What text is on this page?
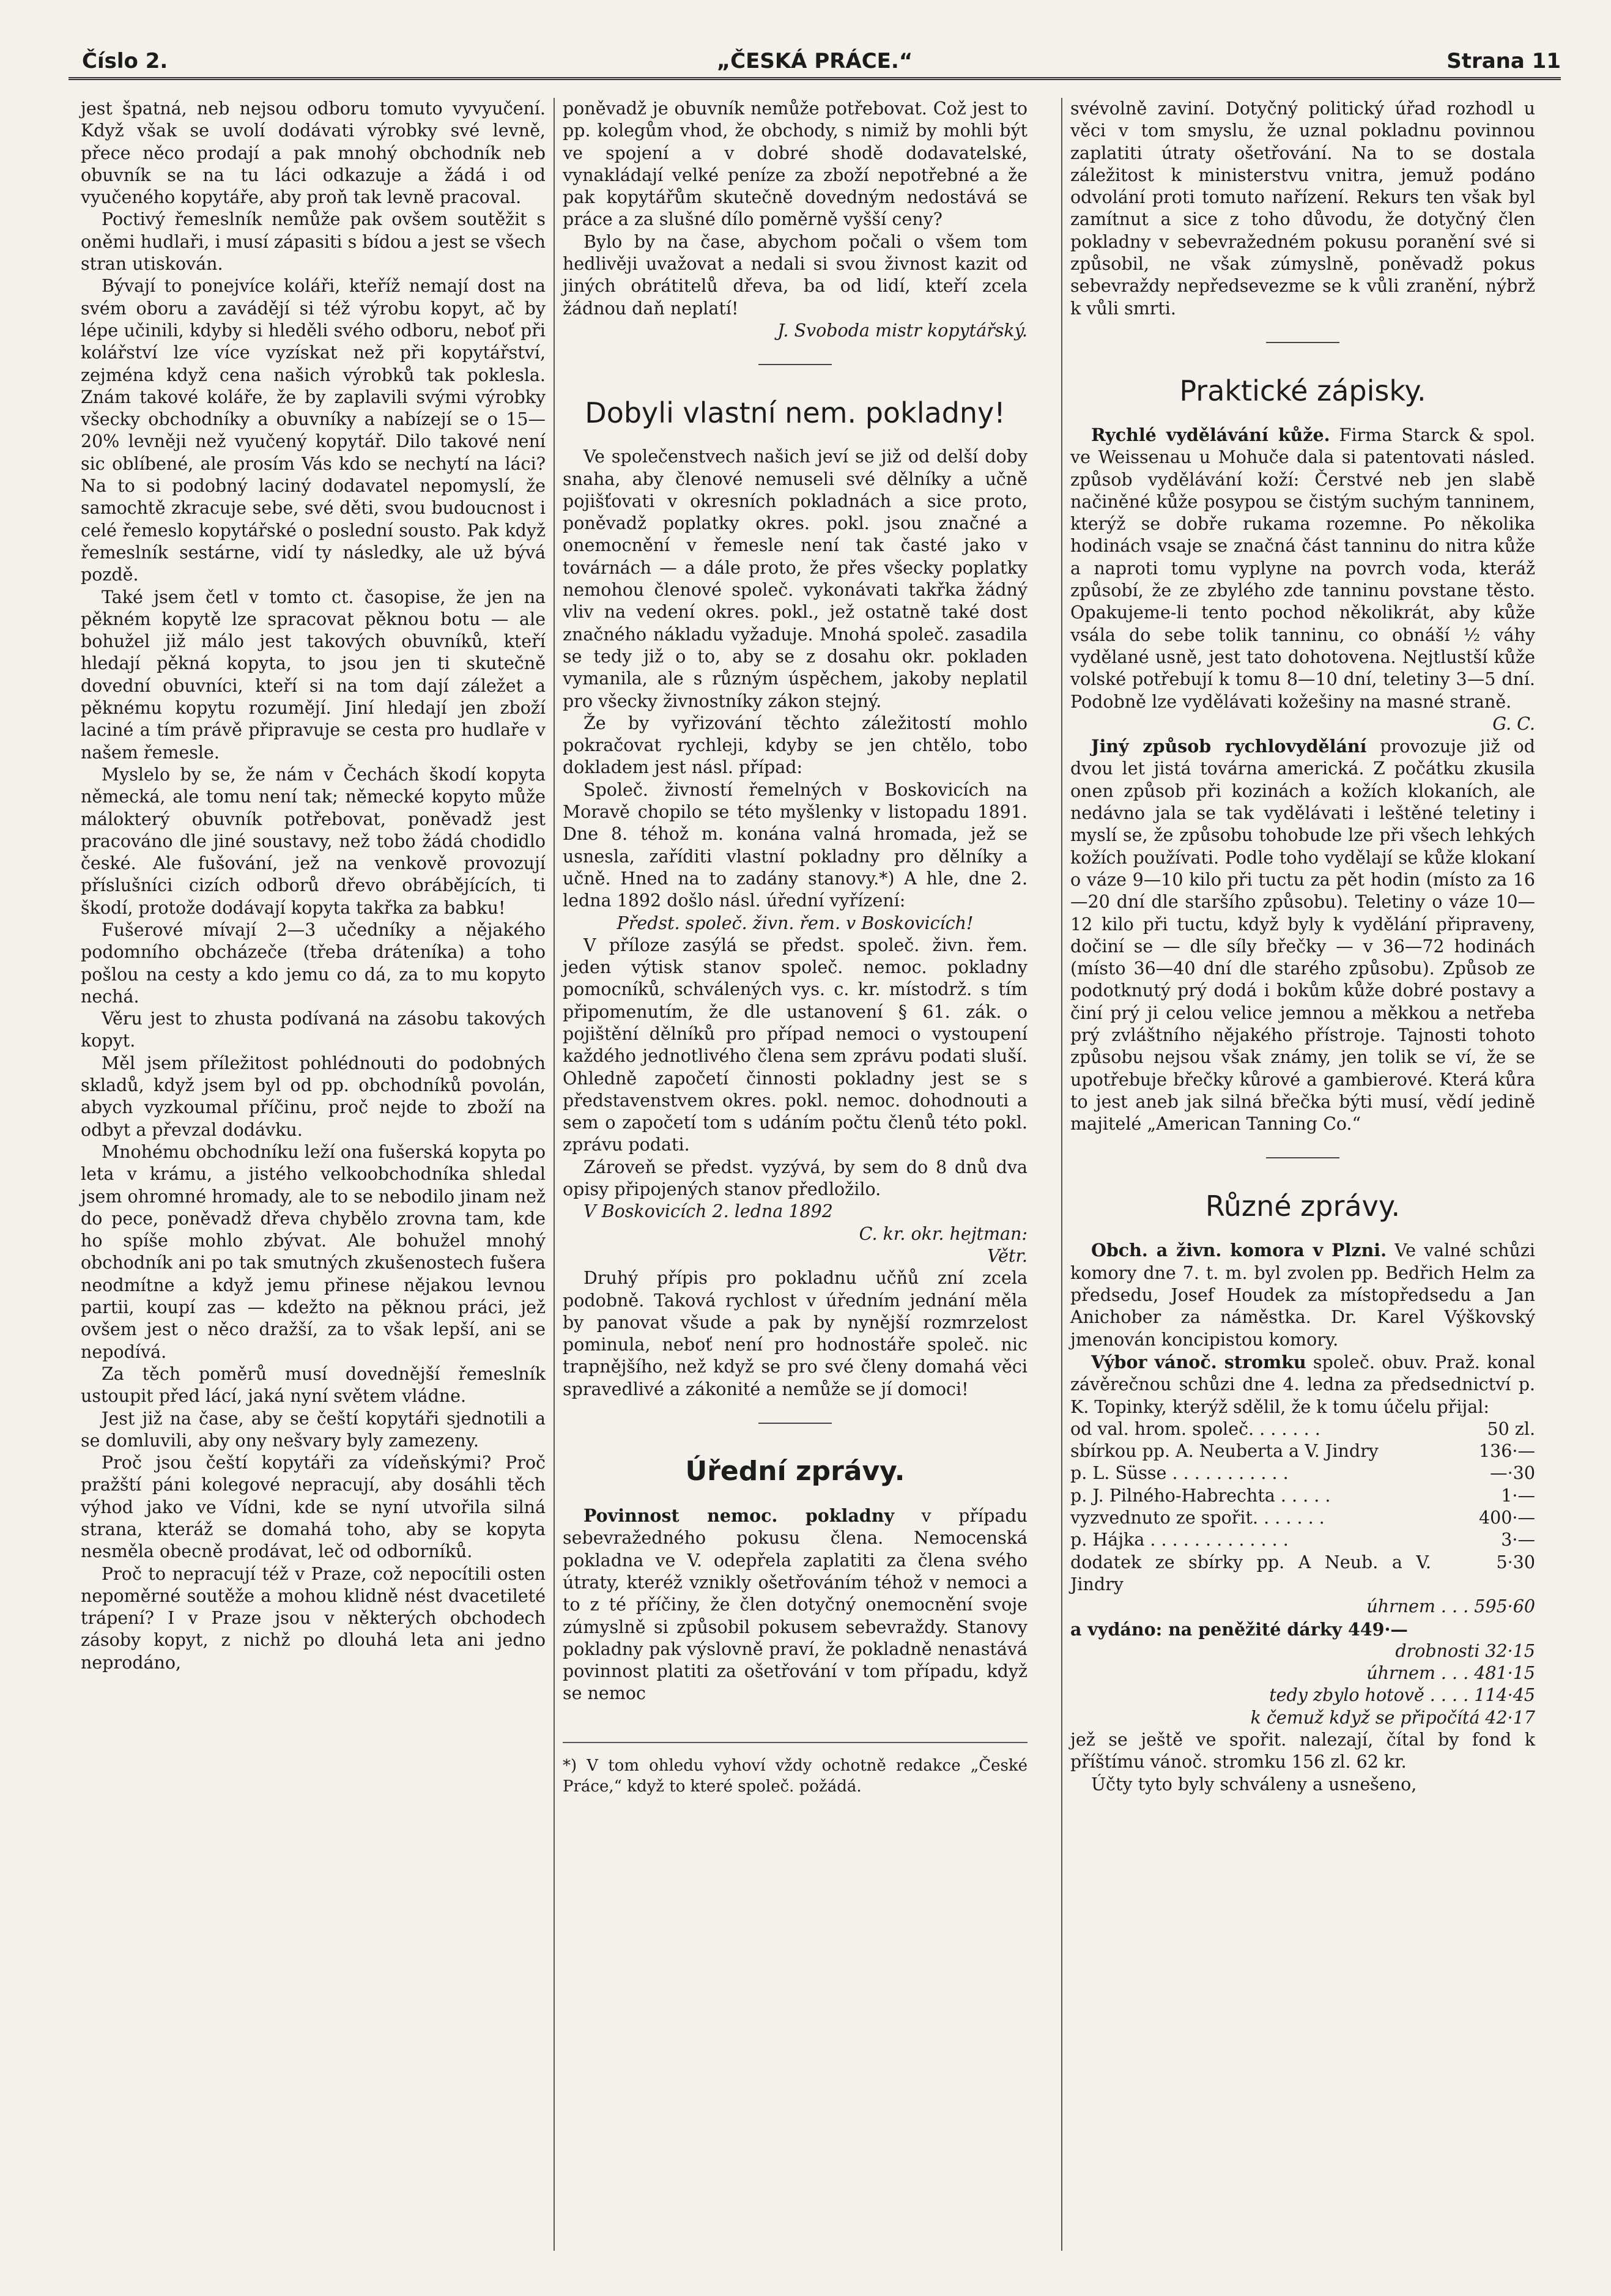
Číslo 2.	„ČESKÁ PRÁCE.“	Strana 11

jest špatná, neb nejsou odboru tomuto vyvyučení. Když však se uvolí dodávati výrobky své levně, přece něco prodají a pak mnohý obchodník neb obuvník se na tu láci odkazuje a žádá i od vyučeného kopytáře, aby proň tak levně pracoval.

Poctivý řemeslník nemůže pak ovšem soutěžit s oněmi hudlaři, i musí zápasiti s bídou a jest se všech stran utiskován.

Bývají to ponejvíce koláři, kteříž nemají dost na svém oboru a zavádějí si též výrobu kopyt, ač by lépe učinili, kdyby si hleděli svého odboru, neboť při kolářství lze více vyzískat než při kopytářství, zejména když cena našich výrobků tak poklesla. Znám takové koláře, že by zaplavili svými výrobky všecky obchodníky a obuvníky a nabízejí se o 15—20% levněji než vyučený kopytář. Dilo takové není sic oblíbené, ale prosím Vás kdo se nechytí na láci? Na to si podobný laciný dodavatel nepomyslí, že samochtě zkracuje sebe, své děti, svou budoucnost i celé řemeslo kopytářské o poslední sousto. Pak když řemeslník sestárne, vidí ty následky, ale už bývá pozdě.

Také jsem četl v tomto ct. časopise, že jen na pěkném kopytě lze spracovat pěknou botu — ale bohužel již málo jest takových obuvníků, kteří hledají pěkná kopyta, to jsou jen ti skutečně dovední obuvníci, kteří si na tom dají záležet a pěknému kopytu rozumějí. Jiní hledají jen zboží laciné a tím právě připravuje se cesta pro hudlaře v našem řemesle.

Myslelo by se, že nám v Čechách škodí kopyta německá, ale tomu není tak; německé kopyto může málokterý obuvník potřebovat, poněvadž jest pracováno dle jiné soustavy, než tobo žádá chodidlo české. Ale fušování, jež na venkově provozují příslušníci cizích odborů dřevo obrábějících, ti škodí, protože dodávají kopyta takřka za babku!

Fušerové mívají 2—3 učedníky a nějakého podomního obcházeče (třeba dráteníka) a toho pošlou na cesty a kdo jemu co dá, za to mu kopyto nechá.

Věru jest to zhusta podívaná na zásobu takových kopyt.

Měl jsem příležitost pohlédnouti do podobných skladů, když jsem byl od pp. obchodníků povolán, abych vyzkoumal příčinu, proč nejde to zboží na odbyt a převzal dodávku.

Mnohému obchodníku leží ona fušerská kopyta po leta v krámu, a jistého velkoobchodníka shledal jsem ohromné hromady, ale to se nebodilo jinam než do pece, poněvadž dřeva chybělo zrovna tam, kde ho spíše mohlo zbývat. Ale bohužel mnohý obchodník ani po tak smutných zkušenostech fušera neodmítne a když jemu přinese nějakou levnou partii, koupí zas — kdežto na pěknou práci, jež ovšem jest o něco dražší, za to však lepší, ani se nepodívá.

Za těch poměrů musí dovednější řemeslník ustoupit před lácí, jaká nyní světem vládne.

Jest již na čase, aby se čeští kopytáři sjednotili a se domluvili, aby ony nešvary byly zamezeny.

Proč jsou čeští kopytáři za vídeňskými? Proč pražští páni kolegové nepracují, aby dosáhli těch výhod jako ve Vídni, kde se nyní utvořila silná strana, kteráž se domahá toho, aby se kopyta nesměla obecně prodávat, leč od odborníků.

Proč to nepracují též v Praze, což nepocítili osten nepoměrné soutěže a mohou klidně nést dvacetileté trápení? I v Praze jsou v některých obchodech zásoby kopyt, z nichž po dlouhá leta ani jedno neprodáno,

poněvadž je obuvník nemůže potřebovat. Což jest to pp. kolegům vhod, že obchody, s nimiž by mohli být ve spojení a v dobré shodě dodavatelské, vynakládají velké peníze za zboží nepotřebné a že pak kopytářům skutečně dovedným nedostává se práce a za slušné dílo poměrně vyšší ceny?

Bylo by na čase, abychom počali o všem tom hedlivěji uvažovat a nedali si svou živnost kazit od jiných obrátitelů dřeva, ba od lidí, kteří zcela žádnou daň neplatí!

J. Svoboda mistr kopytářský.

Dobyli vlastní nem. pokladny!

Ve společenstvech našich jeví se již od delší doby snaha, aby členové nemuseli své dělníky a učně pojišťovati v okresních pokladnách a sice proto, poněvadž poplatky okres. pokl. jsou značné a onemocnění v řemesle není tak časté jako v továrnách — a dále proto, že přes všecky poplatky nemohou členové společ. vykonávati takřka žádný vliv na vedení okres. pokl., jež ostatně také dost značného nákladu vyžaduje. Mnohá společ. zasadila se tedy již o to, aby se z dosahu okr. pokladen vymanila, ale s různým úspěchem, jakoby neplatil pro všecky živnostníky zákon stejný.

Že by vyřizování těchto záležitostí mohlo pokračovat rychleji, kdyby se jen chtělo, tobo dokladem jest násl. případ:

Společ. živností řemelných v Boskovicích na Moravě chopilo se této myšlenky v listopadu 1891. Dne 8. téhož m. konána valná hromada, jež se usnesla, zaříditi vlastní pokladny pro dělníky a učně. Hned na to zadány stanovy.*) A hle, dne 2. ledna 1892 došlo násl. úřední vyřízení:

Předst. společ. živn. řem. v Boskovicích!

V příloze zasýlá se předst. společ. živn. řem. jeden výtisk stanov společ. nemoc. pokladny pomocníků, schválených vys. c. kr. místodrž. s tím připomenutím, že dle ustanovení § 61. zák. o pojištění dělníků pro případ nemoci o vystoupení každého jednotlivého člena sem zprávu podati sluší. Ohledně započetí činnosti pokladny jest se s představenstvem okres. pokl. nemoc. dohodnouti a sem o započetí tom s udáním počtu členů této pokl. zprávu podati.

Zároveň se předst. vyzývá, by sem do 8 dnů dva opisy připojených stanov předložilo.

V Boskovicích 2. ledna 1892

C. kr. okr. hejtman:

Větr.

Druhý přípis pro pokladnu učňů zní zcela podobně. Taková rychlost v úředním jednání měla by panovat všude a pak by nynější rozmrzelost pominula, neboť není pro hodnostáře společ. nic trapnějšího, než když se pro své členy domahá věci spravedlivé a zákonité a nemůže se jí domoci!

Úřední zprávy.

Povinnost nemoc. pokladny v případu sebevražedného pokusu člena. Nemocenská pokladna ve V. odepřela zaplatiti za člena svého útraty, kteréž vznikly ošetřováním téhož v nemoci a to z té příčiny, že člen dotyčný onemocnění svoje zúmyslně si způsobil pokusem sebevraždy. Stanovy pokladny pak výslovně praví, že pokladně nenastává povinnost platiti za ošetřování v tom případu, když se nemoc

*) V tom ohledu vyhoví vždy ochotně redakce „České Práce,“ když to které společ. požádá.

svévolně zaviní. Dotyčný politický úřad rozhodl u věci v tom smyslu, že uznal pokladnu povinnou zaplatiti útraty ošetřování. Na to se dostala záležitost k ministerstvu vnitra, jemuž podáno odvolání proti tomuto nařízení. Rekurs ten však byl zamítnut a sice z toho důvodu, že dotyčný člen pokladny v sebevražedném pokusu poranění své si způsobil, ne však zúmyslně, poněvadž pokus sebevraždy nepředsevezme se k vůli zranění, nýbrž k vůli smrti.

Praktické zápisky.

Rychlé vydělávání kůže. Firma Starck & spol. ve Weissenau u Mohuče dala si patentovati násled. způsob vydělávání koží: Čerstvé neb jen slabě načiněné kůže posypou se čistým suchým tanninem, kterýž se dobře rukama rozemne. Po několika hodinách vsaje se značná část tanninu do nitra kůže a naproti tomu vyplyne na povrch voda, kteráž způsobí, že ze zbylého zde tanninu povstane těsto. Opakujeme-li tento pochod několikrát, aby kůže vsála do sebe tolik tanninu, co obnáší ½ váhy vydělané usně, jest tato dohotovena. Nejtlustší kůže volské potřebují k tomu 8—10 dní, teletiny 3—5 dní. Podobně lze vydělávati kožešiny na masné straně.

G. C.

Jiný způsob rychlovydělání provozuje již od dvou let jistá továrna americká. Z počátku zkusila onen způsob při kozinách a kožích klokaních, ale nedávno jala se tak vydělávati i leštěné teletiny i myslí se, že způsobu tohobude lze při všech lehkých kožích používati. Podle toho vydělají se kůže klokaní o váze 9—10 kilo při tuctu za pět hodin (místo za 16—20 dní dle staršího způsobu). Teletiny o váze 10—12 kilo při tuctu, když byly k vydělání připraveny, dočiní se — dle síly břečky — v 36—72 hodinách (místo 36—40 dní dle starého způsobu). Způsob ze podotknutý prý dodá i bokům kůže dobré postavy a činí prý ji celou velice jemnou a měkkou a netřeba prý zvláštního nějakého přístroje. Tajnosti tohoto způsobu nejsou však známy, jen tolik se ví, že se upotřebuje břečky kůrové a gambierové. Která kůra to jest aneb jak silná břečka býti musí, vědí jedině majitelé „American Tanning Co.“

Různé zprávy.

Obch. a živn. komora v Plzni. Ve valné schůzi komory dne 7. t. m. byl zvolen pp. Bedřich Helm za předsedu, Josef Houdek za místopředsedu a Jan Anichober za náměstka. Dr. Karel Výškovský jmenován koncipistou komory.

Výbor vánoč. stromku společ. obuv. Praž. konal závěrečnou schůzi dne 4. ledna za předsednictví p. K. Topinky, kterýž sdělil, že k tomu účelu přijal:

od val. hrom. společ. . . . . . .	50 zl.
sbírkou pp. A. Neuberta a V. Jindry	136·—
p. L. Süsse . . . . . . . . . . .	—·30
p. J. Pilného-Habrechta . . . . .	1·—
vyzvednuto ze spořit. . . . . . .	400·—
p. Hájka . . . . . . . . . . . . .	3·—
dodatek ze sbírky pp. A Neub. a V. Jindry
5·30

úhrnem . . . 595·60

a vydáno: na peněžité dárky 449·—

drobnosti 32·15

úhrnem . . . 481·15

tedy zbylo hotově . . . . 114·45

k čemuž když se připočítá 42·17

jež se ještě ve spořit. nalezají, čítal by fond k příštímu vánoč. stromku 156 zl. 62 kr.

Účty tyto byly schváleny a usnešeno,
